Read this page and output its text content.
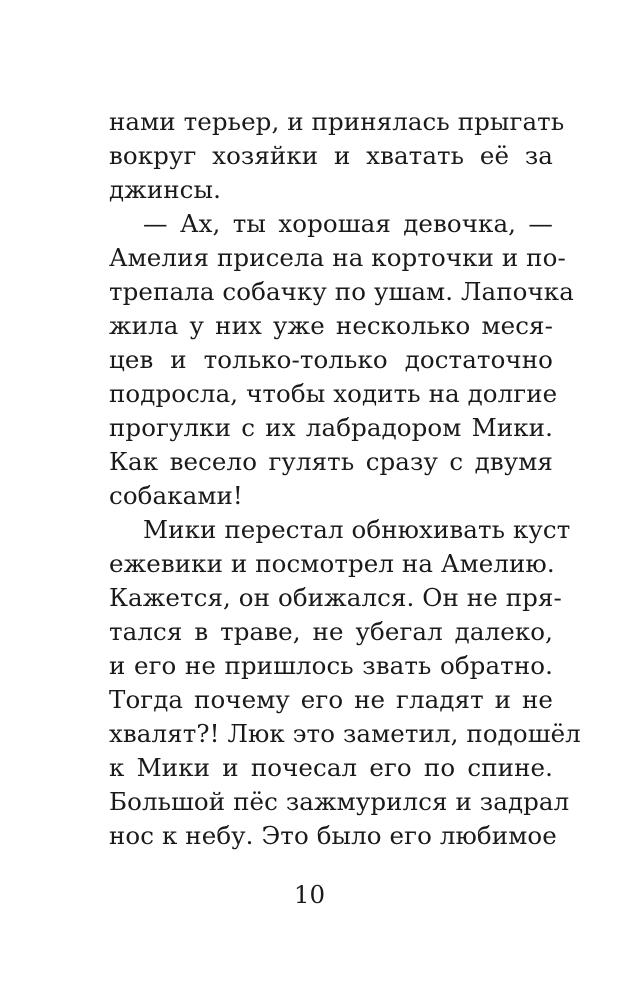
нами терьер, и принялась прыгать
вокруг хозяйки и хватать её за
джинсы.
— Ах, ты хорошая девочка, —
Амелия присела на корточки и по-
трепала собачку по ушам. Лапочка
жила у них уже несколько меся-
цев и только-только достаточно
подросла, чтобы ходить на долгие
прогулки с их лабрадором Мики.
Как весело гулять сразу с двумя
собаками!
Мики перестал обнюхивать куст
ежевики и посмотрел на Амелию.
Кажется, он обижался. Он не пря-
тался в траве, не убегал далеко,
и его не пришлось звать обратно.
Тогда почему его не гладят и не
хвалят?! Люк это заметил, подошёл
к Мики и почесал его по спине.
Большой пёс зажмурился и задрал
нос к небу. Это было его любимое
10
